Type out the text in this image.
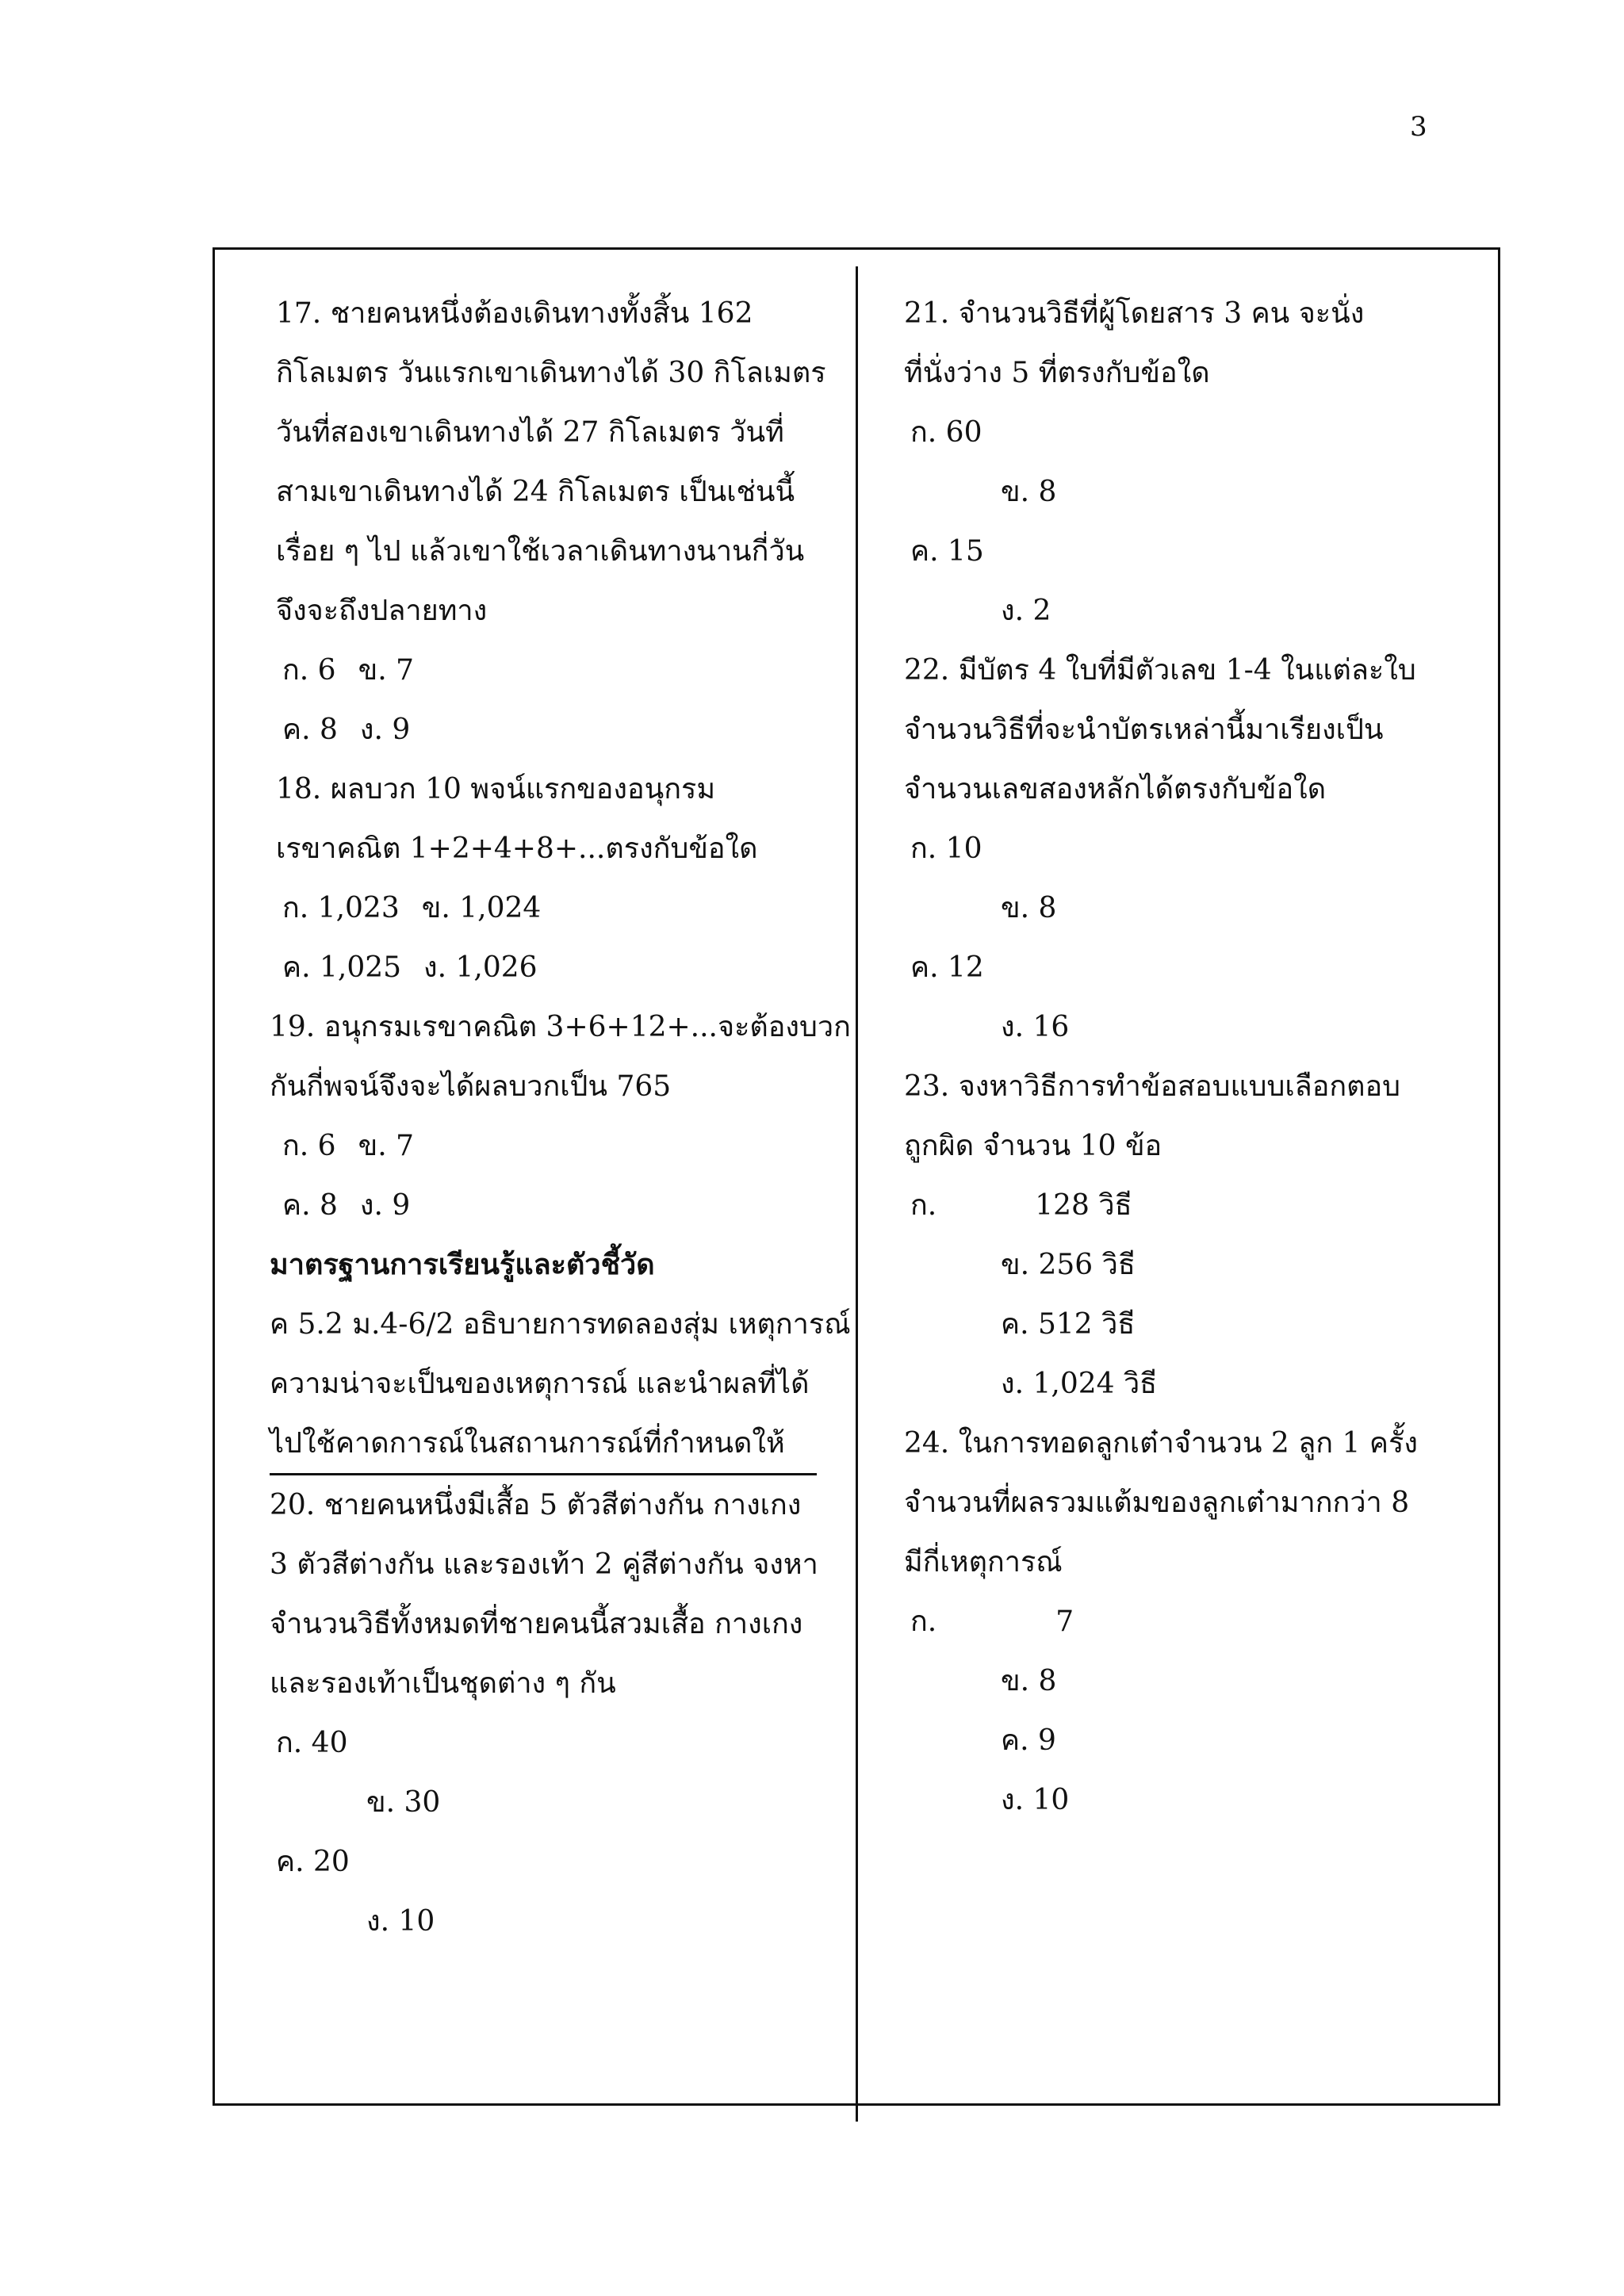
3
17. ชายคนหนึ่งต้องเดินทางทั้งสิ้น 162
กิโลเมตร วันแรกเขาเดินทางได้ 30 กิโลเมตร
วันที่สองเขาเดินทางได้ 27 กิโลเมตร วันที่
สามเขาเดินทางได้ 24 กิโลเมตร เป็นเช่นนี้
เรื่อย ๆ ไป แล้วเขาใช้เวลาเดินทางนานกี่วัน
จึงจะถึงปลายทาง
ก. 6 ข. 7
ค. 8 ง. 9
18. ผลบวก 10 พจน์แรกของอนุกรม
เรขาคณิต 1+2+4+8+...ตรงกับข้อใด
ก. 1,023 ข. 1,024
ค. 1,025 ง. 1,026
19. อนุกรมเรขาคณิต 3+6+12+...จะต้องบวก
กันกี่พจน์จึงจะได้ผลบวกเป็น 765
ก. 6 ข. 7
ค. 8 ง. 9
มาตรฐานการเรียนรู้และตัวชี้วัด
ค 5.2 ม.4-6/2 อธิบายการทดลองสุ่ม เหตุการณ์
ความน่าจะเป็นของเหตุการณ์ และนำผลที่ได้
ไปใช้คาดการณ์ในสถานการณ์ที่กำหนดให้
20. ชายคนหนึ่งมีเสื้อ 5 ตัวสีต่างกัน กางเกง
3 ตัวสีต่างกัน และรองเท้า 2 คู่สีต่างกัน จงหา
จำนวนวิธีทั้งหมดที่ชายคนนี้สวมเสื้อ กางเกง
และรองเท้าเป็นชุดต่าง ๆ กัน
ก. 40
ข. 30
ค. 20
ง. 10
21. จำนวนวิธีที่ผู้โดยสาร 3 คน จะนั่ง
ที่นั่งว่าง 5 ที่ตรงกับข้อใด
ก. 60
ข. 8
ค. 15
ง. 2
22. มีบัตร 4 ใบที่มีตัวเลข 1-4 ในแต่ละใบ
จำนวนวิธีที่จะนำบัตรเหล่านี้มาเรียงเป็น
จำนวนเลขสองหลักได้ตรงกับข้อใด
ก. 10
ข. 8
ค. 12
ง. 16
23. จงหาวิธีการทำข้อสอบแบบเลือกตอบ
ถูกผิด จำนวน 10 ข้อ
ก.	128 วิธี
ข. 256 วิธี
ค. 512 วิธี
ง. 1,024 วิธี
24. ในการทอดลูกเต๋าจำนวน 2 ลูก 1 ครั้ง
จำนวนที่ผลรวมแต้มของลูกเต๋ามากกว่า 8
มีกี่เหตุการณ์
ก.	7
ข. 8
ค. 9
ง. 10
